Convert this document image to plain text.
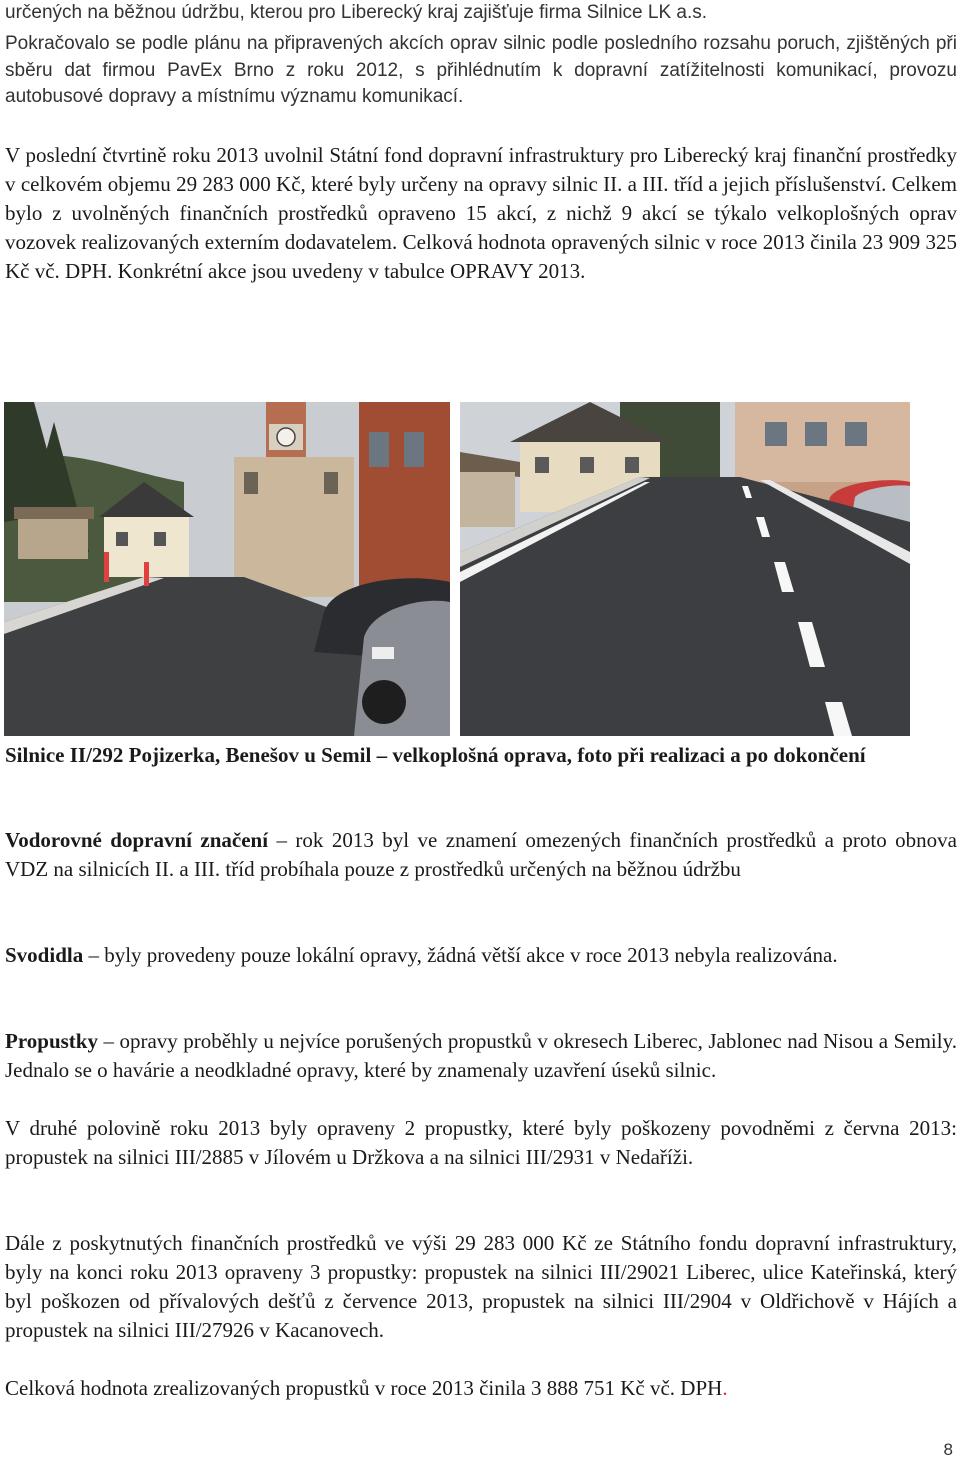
určených na běžnou údržbu, kterou pro Liberecký kraj zajišťuje firma Silnice LK a.s.

Pokračovalo se podle plánu na připravených akcích oprav silnic podle posledního rozsahu poruch, zjištěných při sběru dat firmou PavEx Brno z roku 2012, s přihlédnutím k dopravní zatížitelnosti komunikací, provozu autobusové dopravy a místnímu významu komunikací.

V poslední čtvrtině roku 2013 uvolnil Státní fond dopravní infrastruktury pro Liberecký kraj finanční prostředky v celkovém objemu 29 283 000 Kč, které byly určeny na opravy silnic II. a III. tříd a jejich příslušenství. Celkem bylo z uvolněných finančních prostředků opraveno 15 akcí, z nichž 9 akcí se týkalo velkoplošných oprav vozovek realizovaných externím dodavatelem. Celková hodnota opravených silnic v roce 2013 činila 23 909 325 Kč vč. DPH. Konkrétní akce jsou uvedeny v tabulce OPRAVY 2013.

Silnice II/292 Pojizerka, Benešov u Semil – velkoplošná oprava, foto při realizaci a po dokončení

Vodorovné dopravní značení – rok 2013 byl ve znamení omezených finančních prostředků a proto obnova VDZ na silnicích II. a III. tříd probíhala pouze z prostředků určených na běžnou údržbu

Svodidla – byly provedeny pouze lokální opravy, žádná větší akce v roce 2013 nebyla realizována.

Propustky – opravy proběhly u nejvíce porušených propustků v okresech Liberec, Jablonec nad Nisou a Semily. Jednalo se o havárie a neodkladné opravy, které by znamenaly uzavření úseků silnic.

V druhé polovině roku 2013 byly opraveny 2 propustky, které byly poškozeny povodněmi z června 2013: propustek na silnici III/2885 v Jílovém u Držkova a na silnici III/2931 v Nedaříži.

Dále z poskytnutých finančních prostředků ve výši 29 283 000 Kč ze Státního fondu dopravní infrastruktury, byly na konci roku 2013 opraveny 3 propustky: propustek na silnici III/29021 Liberec, ulice Kateřinská, který byl poškozen od přívalových dešťů z července 2013, propustek na silnici III/2904 v Oldřichově v Hájích a propustek na silnici III/27926 v Kacanovech.

Celková hodnota zrealizovaných propustků v roce 2013 činila 3 888 751 Kč vč. DPH.

8
